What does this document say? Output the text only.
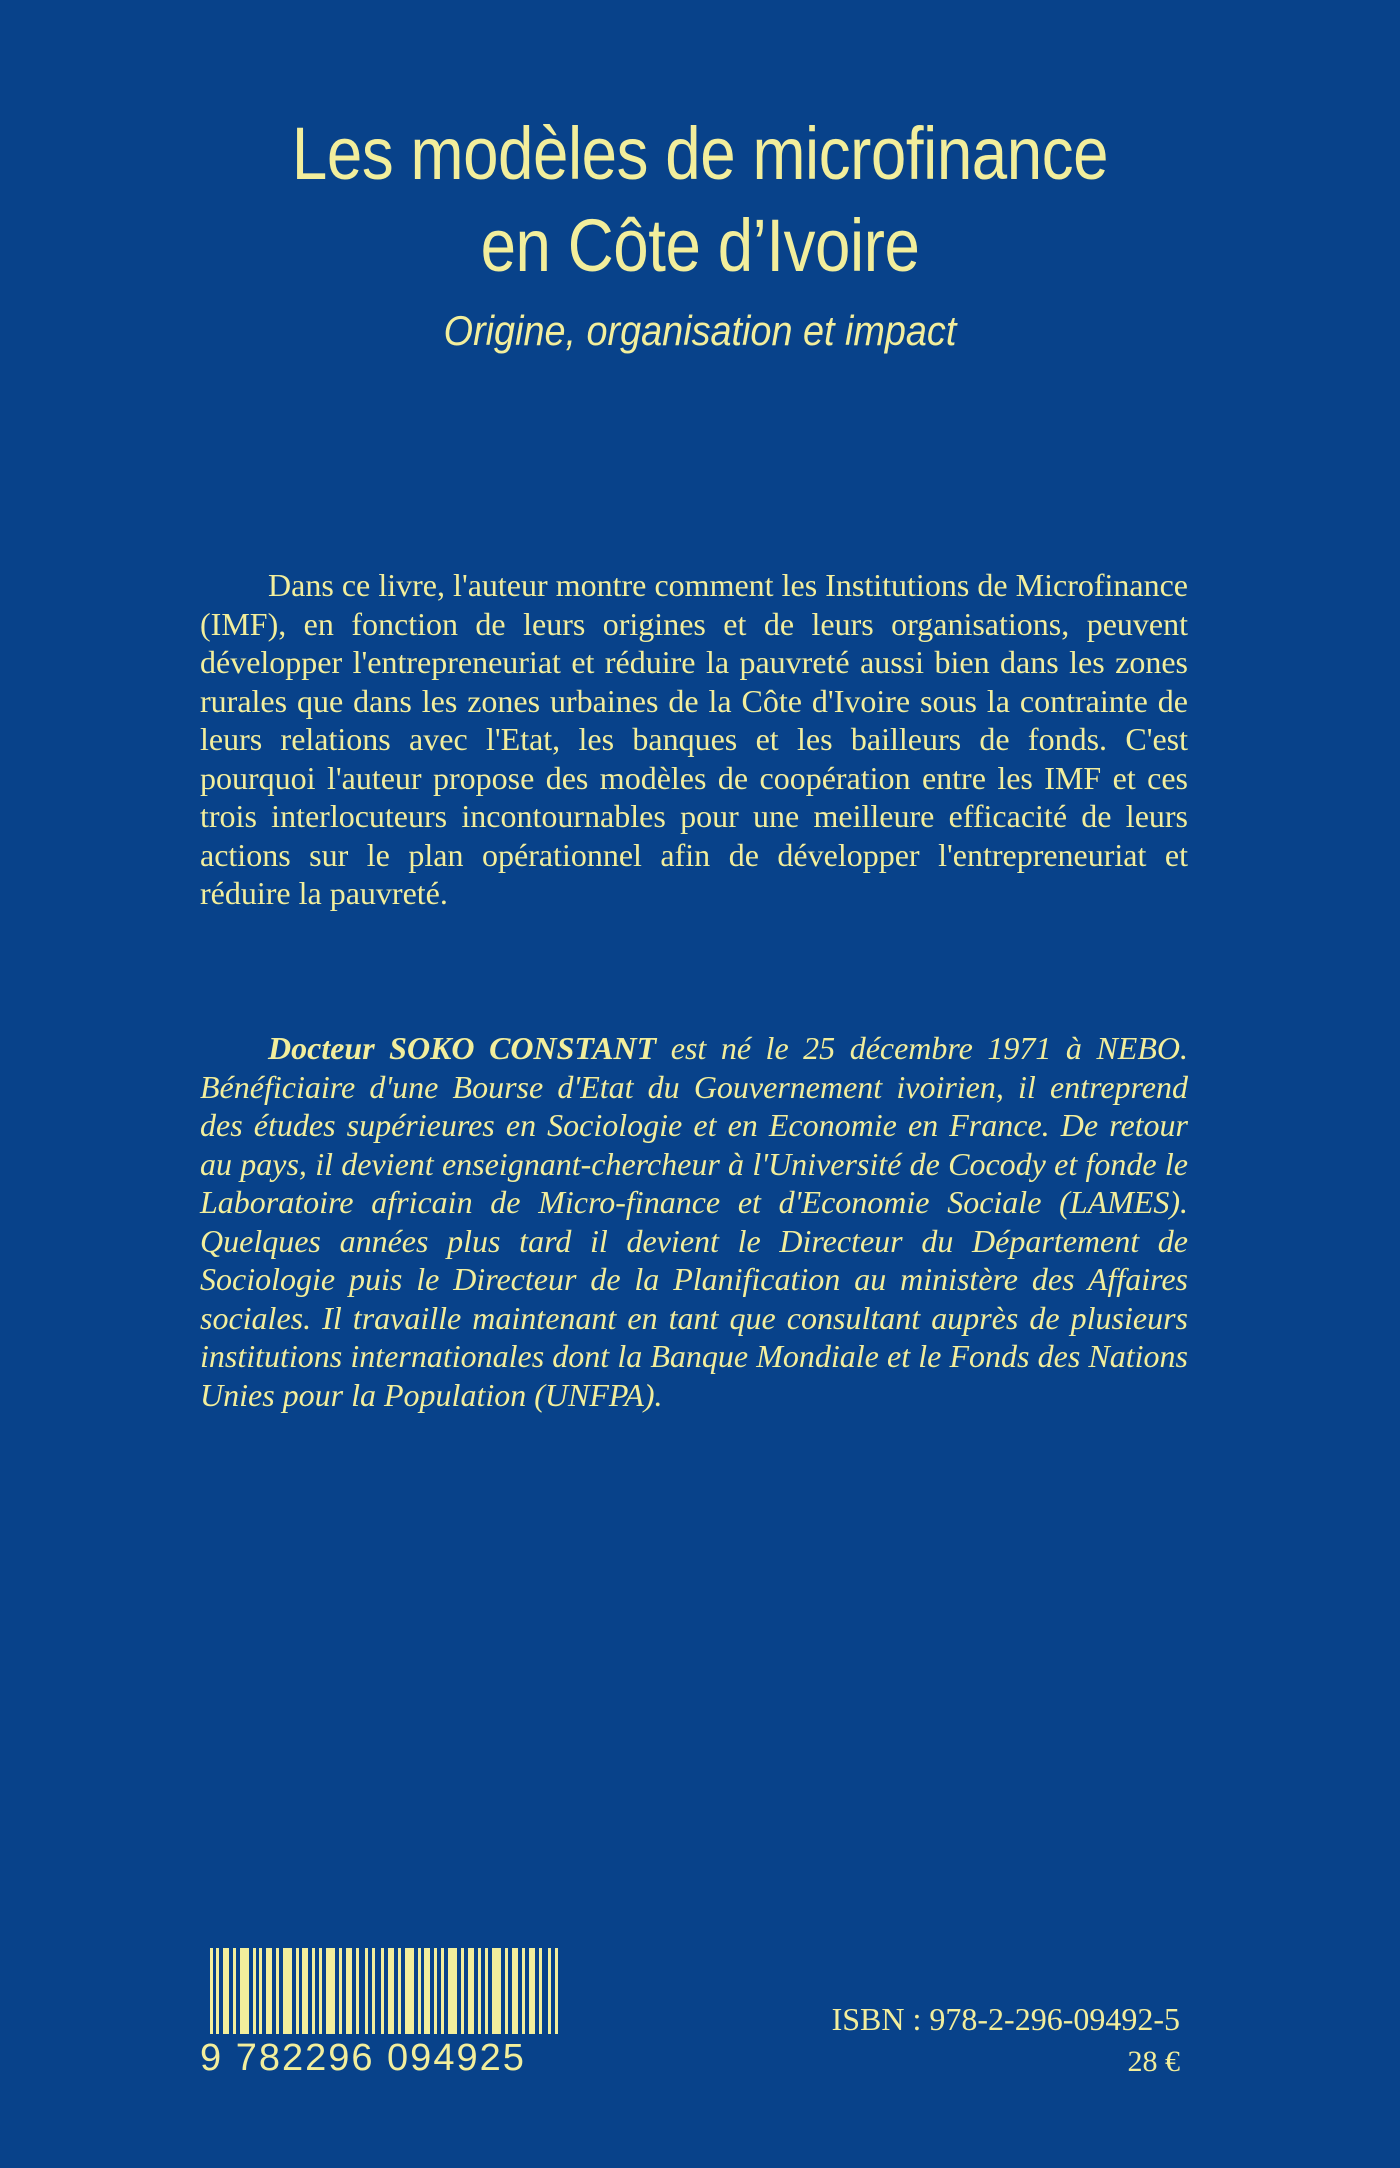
Les modèles de microfinance
en Côte d’Ivoire
Origine, organisation et impact

Dans ce livre, l'auteur montre comment les Institutions de Microfinance (IMF), en fonction de leurs origines et de leurs organisations, peuvent développer l'entrepreneuriat et réduire la pauvreté aussi bien dans les zones rurales que dans les zones urbaines de la Côte d'Ivoire sous la contrainte de leurs relations avec l'Etat, les banques et les bailleurs de fonds. C'est pourquoi l'auteur propose des modèles de coopération entre les IMF et ces trois interlocuteurs incontournables pour une meilleure efficacité de leurs actions sur le plan opérationnel afin de développer l'entrepreneuriat et réduire la pauvreté.

Docteur SOKO CONSTANT est né le 25 décembre 1971 à NEBO. Bénéficiaire d'une Bourse d'Etat du Gouvernement ivoirien, il entreprend des études supérieures en Sociologie et en Economie en France. De retour au pays, il devient enseignant-chercheur à l'Université de Cocody et fonde le Laboratoire africain de Micro-finance et d'Economie Sociale (LAMES). Quelques années plus tard il devient le Directeur du Département de Sociologie puis le Directeur de la Planification au ministère des Affaires sociales. Il travaille maintenant en tant que consultant auprès de plusieurs institutions internationales dont la Banque Mondiale et le Fonds des Nations Unies pour la Population (UNFPA).

9 782296 094925
ISBN : 978-2-296-09492-5
28 €
